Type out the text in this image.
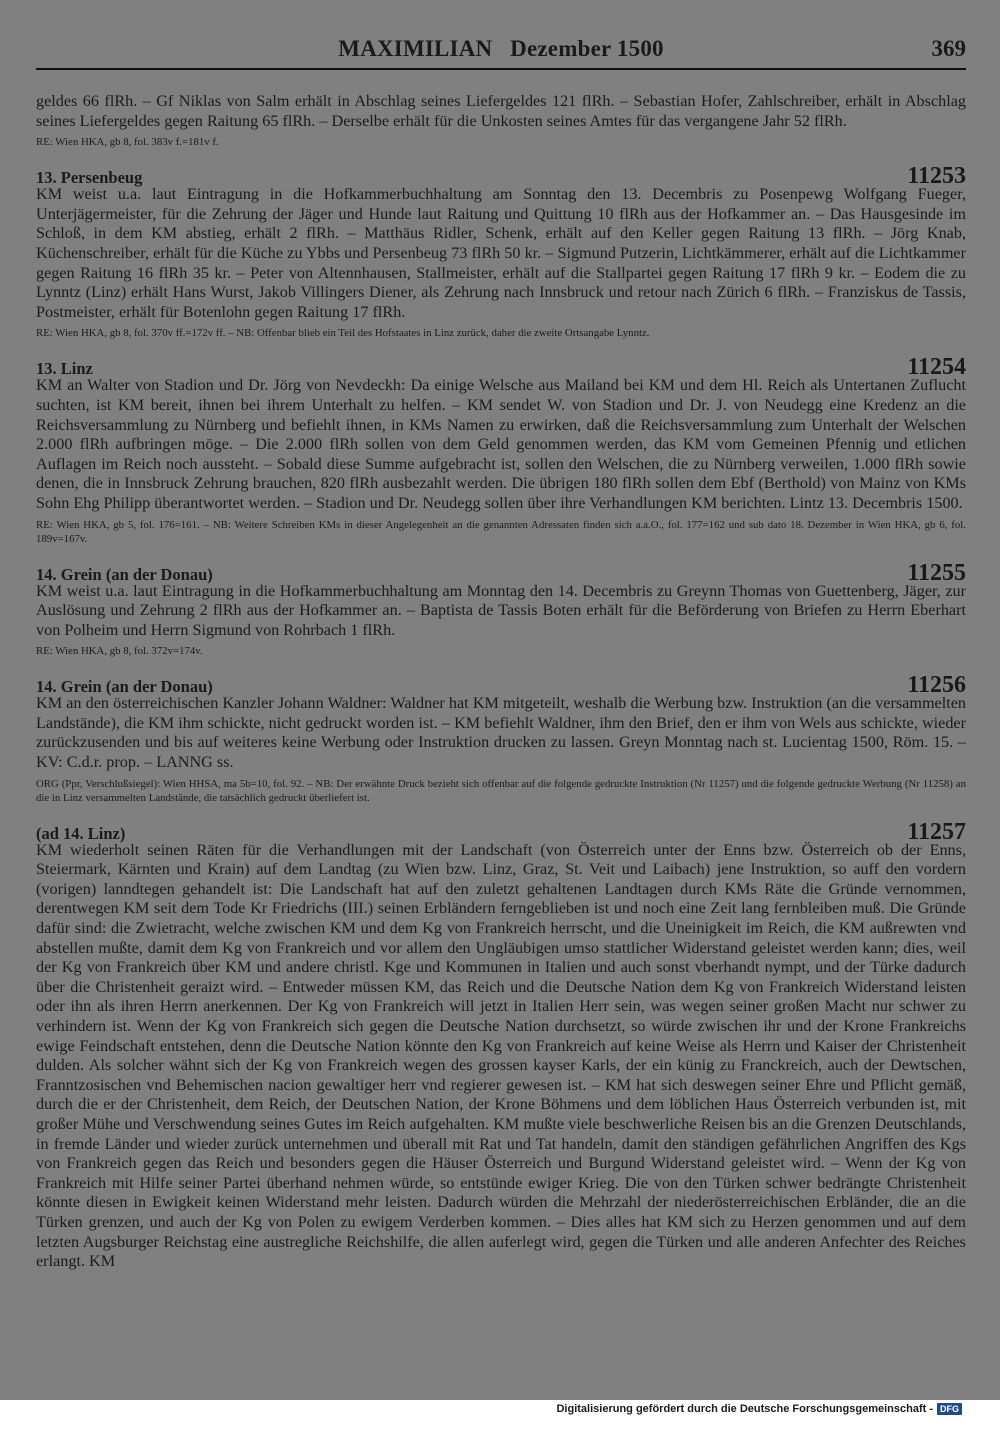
MAXIMILIAN   Dezember 1500	369

geldes 66 flRh. – Gf Niklas von Salm erhält in Abschlag seines Liefergeldes 121 flRh. – Sebastian Hofer, Zahlschreiber, erhält in Abschlag seines Liefergeldes gegen Raitung 65 flRh. – Derselbe erhält für die Unkosten seines Amtes für das vergangene Jahr 52 flRh.

RE: Wien HKA, gb 8, fol. 383v f.=181v f.

13. Persenbeug	11253

KM weist u.a. laut Eintragung in die Hofkammerbuchhaltung am Sonntag den 13. Decembris zu Posenpewg Wolfgang Fueger, Unterjägermeister, für die Zehrung der Jäger und Hunde laut Raitung und Quittung 10 flRh aus der Hofkammer an. – Das Hausgesinde im Schloß, in dem KM abstieg, erhält 2 flRh. – Matthäus Ridler, Schenk, erhält auf den Keller gegen Raitung 13 flRh. – Jörg Knab, Küchenschreiber, erhält für die Küche zu Ybbs und Persenbeug 73 flRh 50 kr. – Sigmund Putzerin, Lichtkämmerer, erhält auf die Lichtkammer gegen Raitung 16 flRh 35 kr. – Peter von Altennhausen, Stallmeister, erhält auf die Stallpartei gegen Raitung 17 flRh 9 kr. – Eodem die zu Lynntz (Linz) erhält Hans Wurst, Jakob Villingers Diener, als Zehrung nach Innsbruck und retour nach Zürich 6 flRh. – Franziskus de Tassis, Postmeister, erhält für Botenlohn gegen Raitung 17 flRh.

RE: Wien HKA, gb 8, fol. 370v ff.=172v ff. – NB: Offenbar blieb ein Teil des Hofstaates in Linz zurück, daher die zweite Ortsangabe Lynntz.

13. Linz	11254

KM an Walter von Stadion und Dr. Jörg von Nevdeckh: Da einige Welsche aus Mailand bei KM und dem Hl. Reich als Untertanen Zuflucht suchten, ist KM bereit, ihnen bei ihrem Unterhalt zu helfen. – KM sendet W. von Stadion und Dr. J. von Neudegg eine Kredenz an die Reichsversammlung zu Nürnberg und befiehlt ihnen, in KMs Namen zu erwirken, daß die Reichsversammlung zum Unterhalt der Welschen 2.000 flRh aufbringen möge. – Die 2.000 flRh sollen von dem Geld genommen werden, das KM vom Gemeinen Pfennig und etlichen Auflagen im Reich noch aussteht. – Sobald diese Summe aufgebracht ist, sollen den Welschen, die zu Nürnberg verweilen, 1.000 flRh sowie denen, die in Innsbruck Zehrung brauchen, 820 flRh ausbezahlt werden. Die übrigen 180 flRh sollen dem Ebf (Berthold) von Mainz von KMs Sohn Ehg Philipp überantwortet werden. – Stadion und Dr. Neudegg sollen über ihre Verhandlungen KM berichten. Lintz 13. Decembris 1500.

RE: Wien HKA, gb 5, fol. 176=161. – NB: Weitere Schreiben KMs in dieser Angelegenheit an die genannten Adressaten finden sich a.a.O., fol. 177=162 und sub dato 18. Dezember in Wien HKA, gb 6, fol. 189v=167v.

14. Grein (an der Donau)	11255

KM weist u.a. laut Eintragung in die Hofkammerbuchhaltung am Monntag den 14. Decembris zu Greynn Thomas von Guettenberg, Jäger, zur Auslösung und Zehrung 2 flRh aus der Hofkammer an. – Baptista de Tassis Boten erhält für die Beförderung von Briefen zu Herrn Eberhart von Polheim und Herrn Sigmund von Rohrbach 1 flRh.

RE: Wien HKA, gb 8, fol. 372v=174v.

14. Grein (an der Donau)	11256

KM an den österreichischen Kanzler Johann Waldner: Waldner hat KM mitgeteilt, weshalb die Werbung bzw. Instruktion (an die versammelten Landstände), die KM ihm schickte, nicht gedruckt worden ist. – KM befiehlt Waldner, ihm den Brief, den er ihm von Wels aus schickte, wieder zurückzusenden und bis auf weiteres keine Werbung oder Instruktion drucken zu lassen. Greyn Monntag nach st. Lucientag 1500, Röm. 15. – KV: C.d.r. prop. – LANNG ss.

ORG (Ppr, Verschlußsiegel): Wien HHSA, ma 5b=10, fol. 92. – NB: Der erwähnte Druck bezieht sich offenbar auf die folgende gedruckte Instruktion (Nr 11257) und die folgende gedruckte Werbung (Nr 11258) an die in Linz versammelten Landstände, die tatsächlich gedruckt überliefert ist.

(ad 14. Linz)	11257

KM wiederholt seinen Räten für die Verhandlungen mit der Landschaft (von Österreich unter der Enns bzw. Österreich ob der Enns, Steiermark, Kärnten und Krain) auf dem Landtag (zu Wien bzw. Linz, Graz, St. Veit und Laibach) jene Instruktion, so auff den vordern (vorigen) lanndtegen gehandelt ist: Die Landschaft hat auf den zuletzt gehaltenen Landtagen durch KMs Räte die Gründe vernommen, derentwegen KM seit dem Tode Kr Friedrichs (III.) seinen Erbländern ferngeblieben ist und noch eine Zeit lang fernbleiben muß. Die Gründe dafür sind: die Zwietracht, welche zwischen KM und dem Kg von Frankreich herrscht, und die Uneinigkeit im Reich, die KM außrewten vnd abstellen mußte, damit dem Kg von Frankreich und vor allem den Ungläubigen umso stattlicher Widerstand geleistet werden kann; dies, weil der Kg von Frankreich über KM und andere christl. Kge und Kommunen in Italien und auch sonst vberhandt nympt, und der Türke dadurch über die Christenheit geraizt wird. – Entweder müssen KM, das Reich und die Deutsche Nation dem Kg von Frankreich Widerstand leisten oder ihn als ihren Herrn anerkennen. Der Kg von Frankreich will jetzt in Italien Herr sein, was wegen seiner großen Macht nur schwer zu verhindern ist. Wenn der Kg von Frankreich sich gegen die Deutsche Nation durchsetzt, so würde zwischen ihr und der Krone Frankreichs ewige Feindschaft entstehen, denn die Deutsche Nation könnte den Kg von Frankreich auf keine Weise als Herrn und Kaiser der Christenheit dulden. Als solcher wähnt sich der Kg von Frankreich wegen des grossen kayser Karls, der ein künig zu Franckreich, auch der Dewtschen, Franntzosischen vnd Behemischen nacion gewaltiger herr vnd regierer gewesen ist. – KM hat sich deswegen seiner Ehre und Pflicht gemäß, durch die er der Christenheit, dem Reich, der Deutschen Nation, der Krone Böhmens und dem löblichen Haus Österreich verbunden ist, mit großer Mühe und Verschwendung seines Gutes im Reich aufgehalten. KM mußte viele beschwerliche Reisen bis an die Grenzen Deutschlands, in fremde Länder und wieder zurück unternehmen und überall mit Rat und Tat handeln, damit den ständigen gefährlichen Angriffen des Kgs von Frankreich gegen das Reich und besonders gegen die Häuser Österreich und Burgund Widerstand geleistet wird. – Wenn der Kg von Frankreich mit Hilfe seiner Partei überhand nehmen würde, so entstünde ewiger Krieg. Die von den Türken schwer bedrängte Christenheit könnte diesen in Ewigkeit keinen Widerstand mehr leisten. Dadurch würden die Mehrzahl der niederösterreichischen Erbländer, die an die Türken grenzen, und auch der Kg von Polen zu ewigem Verderben kommen. – Dies alles hat KM sich zu Herzen genommen und auf dem letzten Augsburger Reichstag eine austregliche Reichshilfe, die allen auferlegt wird, gegen die Türken und alle anderen Anfechter des Reiches erlangt. KM

Digitalisierung gefördert durch die Deutsche Forschungsgemeinschaft - DFG
